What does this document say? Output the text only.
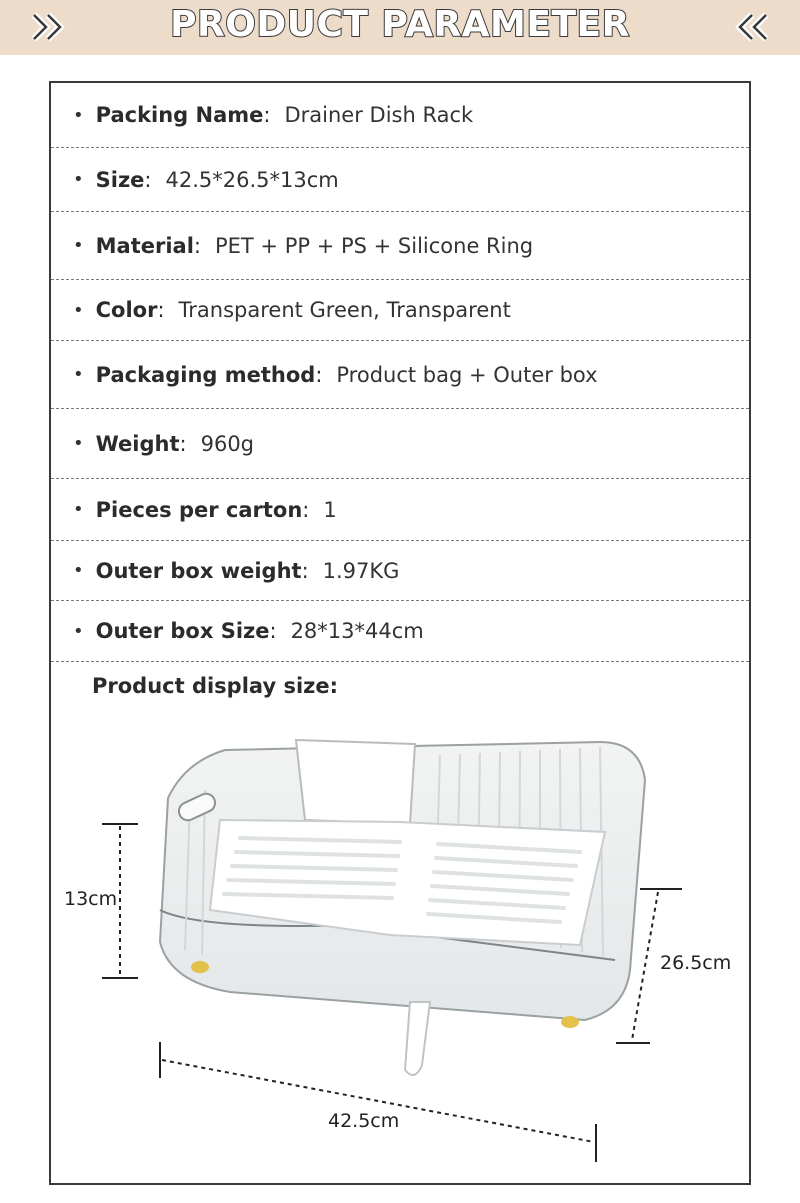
PRODUCT PARAMETER
• Packing Name : Drainer Dish Rack
• Size : 42.5*26.5*13cm
• Material : PET + PP + PS + Silicone Ring
• Color : Transparent Green, Transparent
• Packaging method : Product bag + Outer box
• Weight : 960g
• Pieces per carton : 1
• Outer box weight : 1.97KG
• Outer box Size : 28*13*44cm
Product display size:
13cm
26.5cm
42.5cm
